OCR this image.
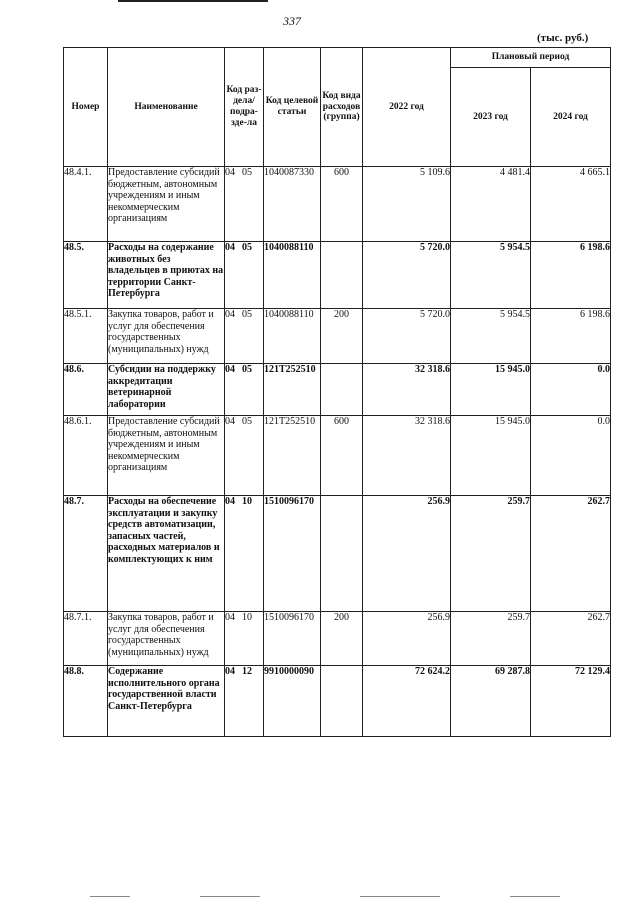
337
(тыс. руб.)
Номер	Наименование	Код раз-дела/ подра-зде-ла	Код целевой статьи	Код вида расходов (группа)	2022 год	Плановый период	
						2023 год	2024 год
48.4.1.	Предоставление субсидий бюджетным, автономным учреждениям и иным некоммерческим организациям	04 05	1040087330	600	5 109.6	4 481.4	4 665.1
48.5.	Расходы на содержание животных без владельцев в приютах на территории Санкт-Петербурга	04 05	1040088110		5 720.0	5 954.5	6 198.6
48.5.1.	Закупка товаров, работ и услуг для обеспечения государственных (муниципальных) нужд	04 05	1040088110	200	5 720.0	5 954.5	6 198.6
48.6.	Субсидии на поддержку аккредитации ветеринарной лаборатории	04 05	121Т252510		32 318.6	15 945.0	0.0
48.6.1.	Предоставление субсидий бюджетным, автономным учреждениям и иным некоммерческим организациям	04 05	121Т252510	600	32 318.6	15 945.0	0.0
48.7.	Расходы на обеспечение эксплуатации и закупку средств автоматизации, запасных частей, расходных материалов и комплектующих к ним	04 10	1510096170		256.9	259.7	262.7
48.7.1.	Закупка товаров, работ и услуг для обеспечения государственных (муниципальных) нужд	04 10	1510096170	200	256.9	259.7	262.7
48.8.	Содержание исполнительного органа государственной власти Санкт-Петербурга	04 12	9910000090		72 624.2	69 287.8	72 129.4
